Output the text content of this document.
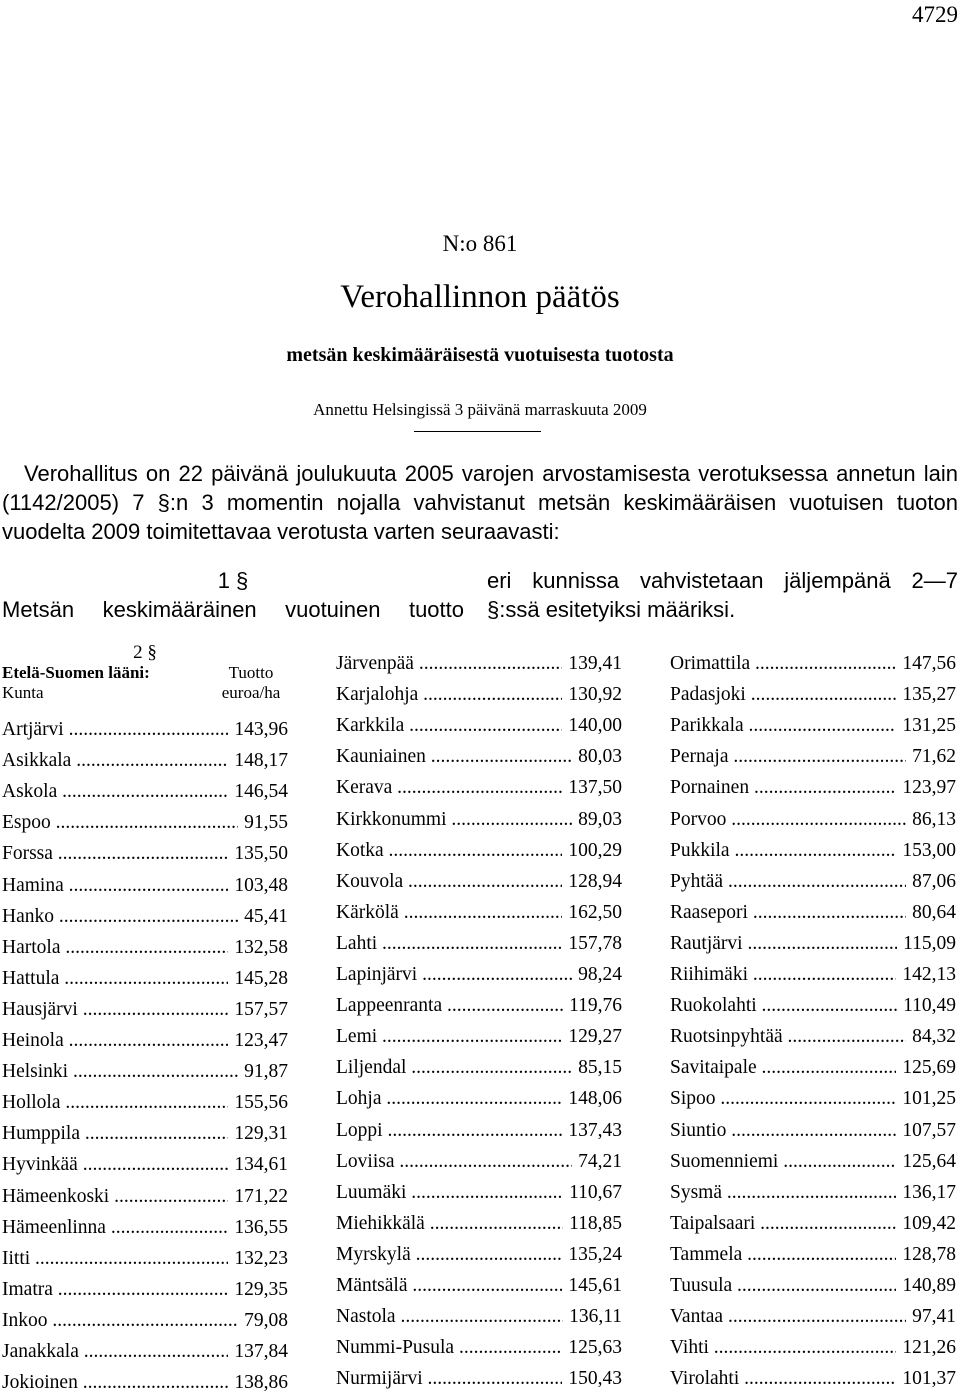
4729
N:o 861
Verohallinnon päätös
metsän keskimääräisestä vuotuisesta tuotosta
Annettu Helsingissä 3 päivänä marraskuuta 2009

Verohallitus on 22 päivänä joulukuuta 2005 varojen arvostamisesta verotuksessa annetun lain (1142/2005) 7 §:n 3 momentin nojalla vahvistanut metsän keskimääräisen vuotuisen tuoton vuodelta 2009 toimitettavaa verotusta varten seuraavasti:

1 §
Metsän keskimääräinen vuotuinen tuotto
eri kunnissa vahvistetaan jäljempänä 2—7
§:ssä esitetyiksi määriksi.
2 §
Etelä-Suomen lääni:	Tuotto
Kunta	euroa/ha
Artjärvi .....	143,96
Asikkala .....	148,17
Askola .....	146,54
Espoo .....	91,55
Forssa .....	135,50
Hamina .....	103,48
Hanko .....	45,41
Hartola .....	132,58
Hattula .....	145,28
Hausjärvi .....	157,57
Heinola .....	123,47
Helsinki .....	91,87
Hollola .....	155,56
Humppila .....	129,31
Hyvinkää .....	134,61
Hämeenkoski .....	171,22
Hämeenlinna .....	136,55
Iitti .....	132,23
Imatra .....	129,35
Inkoo .....	79,08
Janakkala .....	137,84
Jokioinen .....	138,86
Järvenpää .....	139,41
Karjalohja .....	130,92
Karkkila .....	140,00
Kauniainen .....	80,03
Kerava .....	137,50
Kirkkonummi .....	89,03
Kotka .....	100,29
Kouvola .....	128,94
Kärkölä .....	162,50
Lahti .....	157,78
Lapinjärvi .....	98,24
Lappeenranta .....	119,76
Lemi .....	129,27
Liljendal .....	85,15
Lohja .....	148,06
Loppi .....	137,43
Loviisa .....	74,21
Luumäki .....	110,67
Miehikkälä .....	118,85
Myrskylä .....	135,24
Mäntsälä .....	145,61
Nastola .....	136,11
Nummi-Pusula .....	125,63
Nurmijärvi .....	150,43
Orimattila .....	147,56
Padasjoki .....	135,27
Parikkala .....	131,25
Pernaja .....	71,62
Pornainen .....	123,97
Porvoo .....	86,13
Pukkila .....	153,00
Pyhtää .....	87,06
Raasepori .....	80,64
Rautjärvi .....	115,09
Riihimäki .....	142,13
Ruokolahti .....	110,49
Ruotsinpyhtää .....	84,32
Savitaipale .....	125,69
Sipoo .....	101,25
Siuntio .....	107,57
Suomenniemi .....	125,64
Sysmä .....	136,17
Taipalsaari .....	109,42
Tammela .....	128,78
Tuusula .....	140,89
Vantaa .....	97,41
Vihti .....	121,26
Virolahti .....	101,37
